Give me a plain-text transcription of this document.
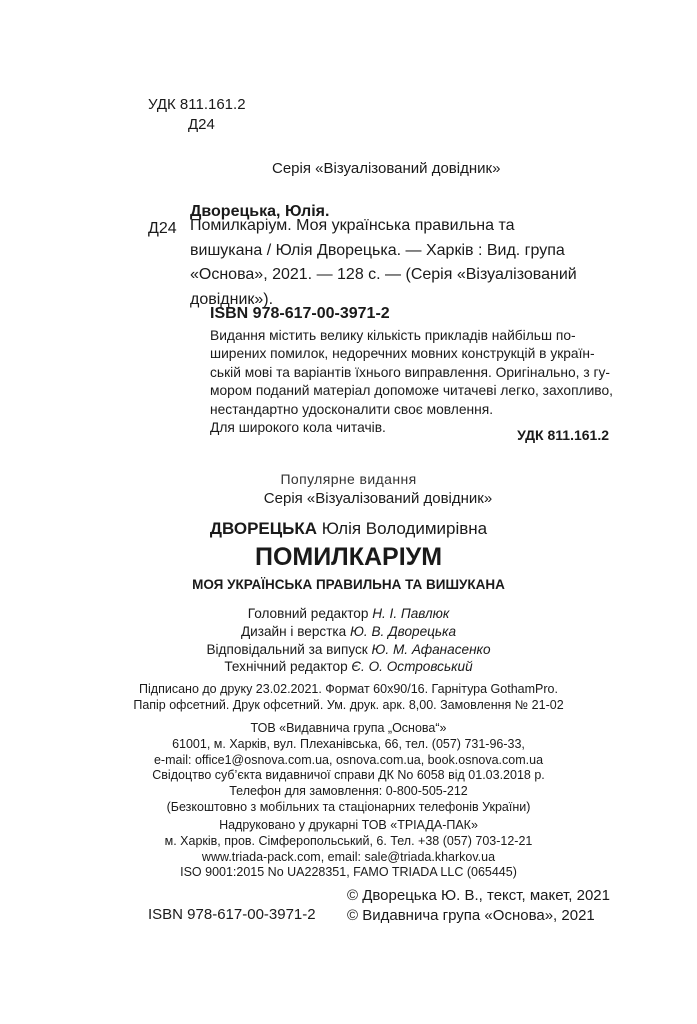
УДК 811.161.2
Д24
Серія «Візуалізований довідник»
Дворецька, Юлія.
Д24 Помилкаріум. Моя українська правильна та
вишукана / Юлія Дворецька. — Харків : Вид. група
«Основа», 2021. — 128 с. — (Серія «Візуалізований
довідник»).
ISBN 978-617-00-3971-2
Видання містить велику кількість прикладів найбільш по-
ширених помилок, недоречних мовних конструкцій в україн-
ській мові та варіантів їхнього виправлення. Оригінально, з гу-
мором поданий матеріал допоможе читачеві легко, захопливо,
нестандартно удосконалити своє мовлення.
Для широкого кола читачів.	УДК 811.161.2
Популярне видання
Серія «Візуалізований довідник»
ДВОРЕЦЬКА Юлія Володимирівна
ПОМИЛКАРІУМ
МОЯ УКРАЇНСЬКА ПРАВИЛЬНА ТА ВИШУКАНА
Головний редактор Н. І. Павлюк
Дизайн і верстка Ю. В. Дворецька
Відповідальний за випуск Ю. М. Афанасенко
Технічний редактор Є. О. Островський
Підписано до друку 23.02.2021. Формат 60х90/16. Гарнітура GothamPro.
Папір офсетний. Друк офсетний. Ум. друк. арк. 8,00. Замовлення № 21-02
ТОВ «Видавнича група „Основа“»
61001, м. Харків, вул. Плеханівська, 66, тел. (057) 731-96-33,
e-mail: office1@osnova.com.ua, osnova.com.ua, book.osnova.com.ua
Свідоцтво суб’єкта видавничої справи ДК No 6058 від 01.03.2018 р.
Телефон для замовлення: 0-800-505-212
(Безкоштовно з мобільних та стаціонарних телефонів України)
Надруковано у друкарні ТОВ «ТРІАДА-ПАК»
м. Харків, пров. Сімферопольський, 6. Тел. +38 (057) 703-12-21
www.triada-pack.com, email: sale@triada.kharkov.ua
ISO 9001:2015 No UA228351, FAMO TRIADA LLC (065445)
ISBN 978-617-00-3971-2
© Дворецька Ю. В., текст, макет, 2021
© Видавнича група «Основа», 2021
